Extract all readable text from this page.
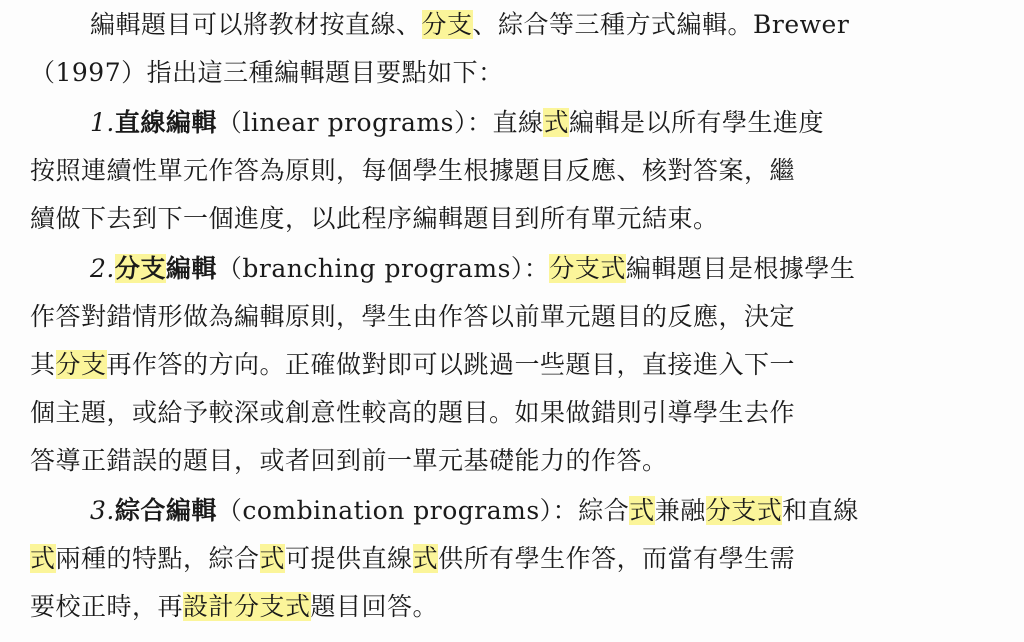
編輯題目可以將教材按直線、分支、綜合等三種方式編輯。Brewer
（1997）指出這三種編輯題目要點如下：
1.直線編輯（linear programs）：直線式編輯是以所有學生進度
按照連續性單元作答為原則，每個學生根據題目反應、核對答案，繼
續做下去到下一個進度，以此程序編輯題目到所有單元結束。
2.分支編輯（branching programs）：分支式編輯題目是根據學生
作答對錯情形做為編輯原則，學生由作答以前單元題目的反應，決定
其分支再作答的方向。正確做對即可以跳過一些題目，直接進入下一
個主題，或給予較深或創意性較高的題目。如果做錯則引導學生去作
答導正錯誤的題目，或者回到前一單元基礎能力的作答。
3.綜合編輯（combination programs）：綜合式兼融分支式和直線
式兩種的特點，綜合式可提供直線式供所有學生作答，而當有學生需
要校正時，再設計分支式題目回答。
